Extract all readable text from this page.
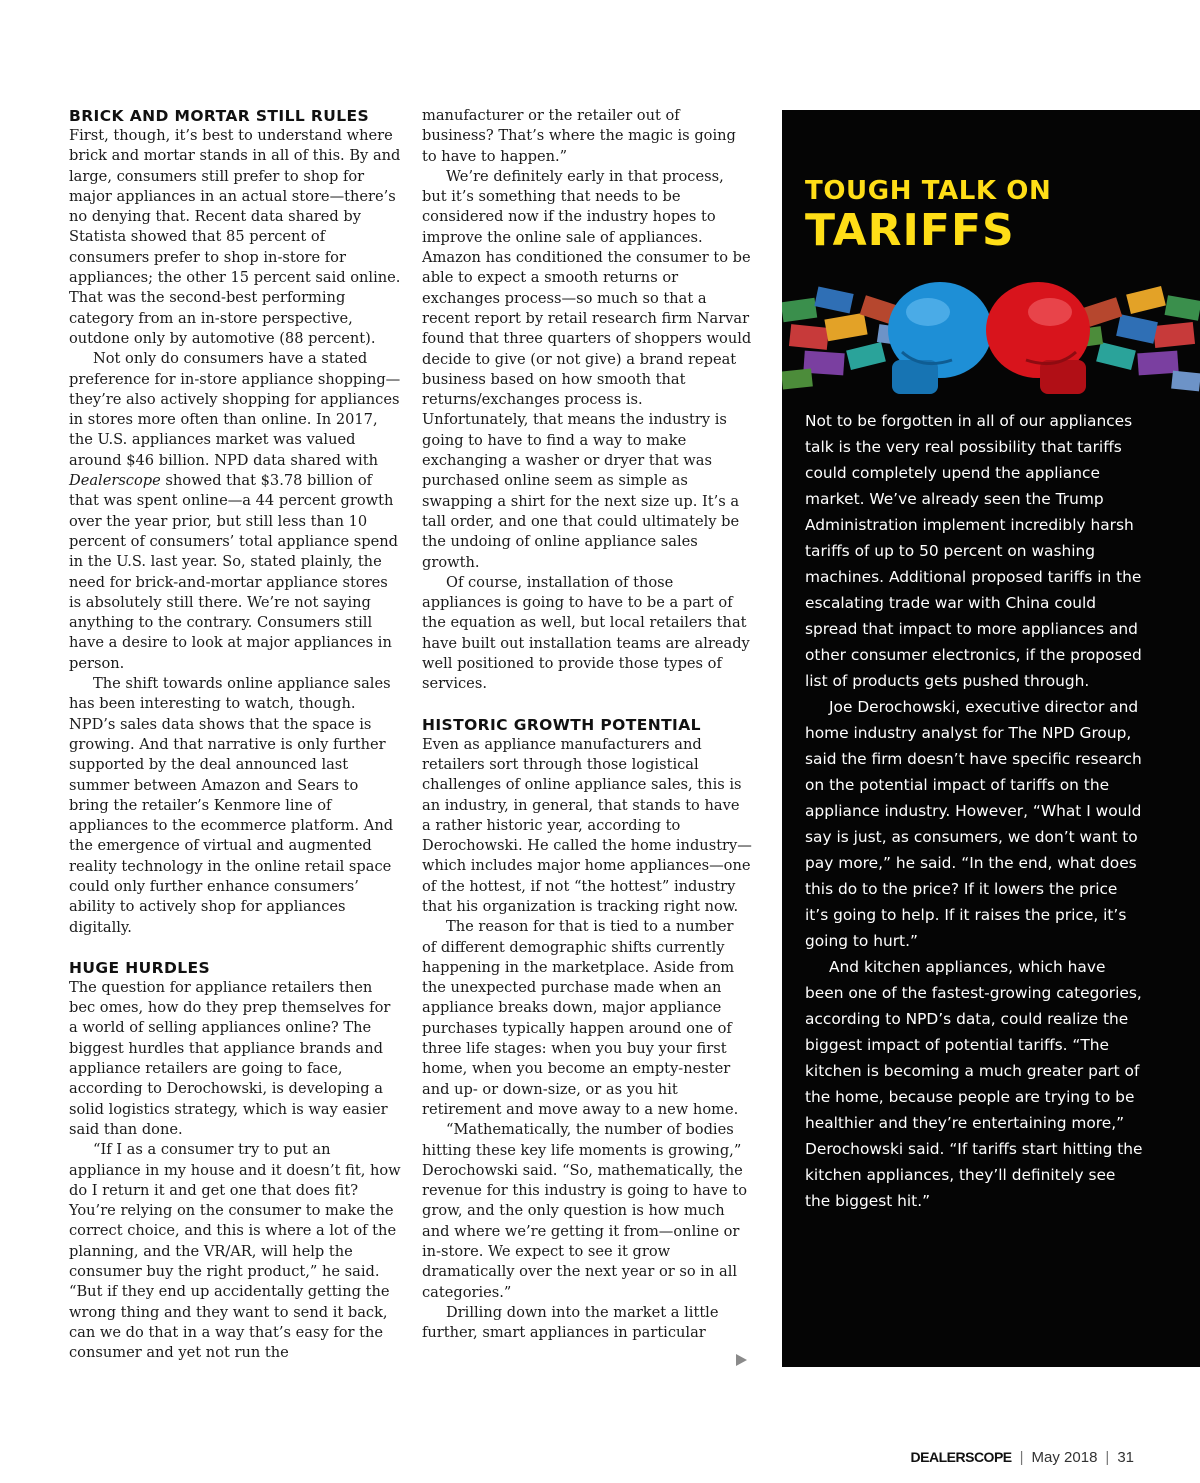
BRICK AND MORTAR STILL RULES

First, though, it’s best to understand where brick and mortar stands in all of this. By and large, consumers still prefer to shop for major appliances in an actual store—there’s no denying that. Recent data shared by Statista showed that 85 percent of consumers prefer to shop in-store for appliances; the other 15 percent said online. That was the second-best performing category from an in-store perspective, outdone only by automotive (88 percent).

Not only do consumers have a stated preference for in-store appliance shopping—they’re also actively shopping for appliances in stores more often than online. In 2017, the U.S. appliances market was valued around $46 billion. NPD data shared with Dealerscope showed that $3.78 billion of that was spent online—a 44 percent growth over the year prior, but still less than 10 percent of consumers’ total appliance spend in the U.S. last year. So, stated plainly, the need for brick-and-mortar appliance stores is absolutely still there. We’re not saying anything to the contrary. Consumers still have a desire to look at major appliances in person.

The shift towards online appliance sales has been interesting to watch, though. NPD’s sales data shows that the space is growing. And that narrative is only further supported by the deal announced last summer between Amazon and Sears to bring the retailer’s Kenmore line of appliances to the ecommerce platform. And the emergence of virtual and augmented reality technology in the online retail space could only further enhance consumers’ ability to actively shop for appliances digitally.

HUGE HURDLES

The question for appliance retailers then bec omes, how do they prep themselves for a world of selling appliances online? The biggest hurdles that appliance brands and appliance retailers are going to face, according to Derochowski, is developing a solid logistics strategy, which is way easier said than done.

“If I as a consumer try to put an appliance in my house and it doesn’t fit, how do I return it and get one that does fit? You’re relying on the consumer to make the correct choice, and this is where a lot of the planning, and the VR/AR, will help the consumer buy the right product,” he said. “But if they end up accidentally getting the wrong thing and they want to send it back, can we do that in a way that’s easy for the consumer and yet not run the

manufacturer or the retailer out of business? That’s where the magic is going to have to happen.”

We’re definitely early in that process, but it’s something that needs to be considered now if the industry hopes to improve the online sale of appliances. Amazon has conditioned the consumer to be able to expect a smooth returns or exchanges process—so much so that a recent report by retail research firm Narvar found that three quarters of shoppers would decide to give (or not give) a brand repeat business based on how smooth that returns/exchanges process is. Unfortunately, that means the industry is going to have to find a way to make exchanging a washer or dryer that was purchased online seem as simple as swapping a shirt for the next size up. It’s a tall order, and one that could ultimately be the undoing of online appliance sales growth.

Of course, installation of those appliances is going to have to be a part of the equation as well, but local retailers that have built out installation teams are already well positioned to provide those types of services.

HISTORIC GROWTH POTENTIAL

Even as appliance manufacturers and retailers sort through those logistical challenges of online appliance sales, this is an industry, in general, that stands to have a rather historic year, according to Derochowski. He called the home industry—which includes major home appliances—one of the hottest, if not “the hottest” industry that his organization is tracking right now.

The reason for that is tied to a number of different demographic shifts currently happening in the marketplace. Aside from the unexpected purchase made when an appliance breaks down, major appliance purchases typically happen around one of three life stages: when you buy your first home, when you become an empty-nester and up- or down-size, or as you hit retirement and move away to a new home.

“Mathematically, the number of bodies hitting these key life moments is growing,” Derochowski said. “So, mathematically, the revenue for this industry is going to have to grow, and the only question is how much and where we’re getting it from—online or in-store. We expect to see it grow dramatically over the next year or so in all categories.”

Drilling down into the market a little further, smart appliances in particular

TOUGH TALK ON
TARIFFS

Not to be forgotten in all of our appliances talk is the very real possibility that tariffs could completely upend the appliance market. We’ve already seen the Trump Administration implement incredibly harsh tariffs of up to 50 percent on washing machines. Additional proposed tariffs in the escalating trade war with China could spread that impact to more appliances and other consumer electronics, if the proposed list of products gets pushed through.

Joe Derochowski, executive director and home industry analyst for The NPD Group, said the firm doesn’t have specific research on the potential impact of tariffs on the appliance industry. However, “What I would say is just, as consumers, we don’t want to pay more,” he said. “In the end, what does this do to the price? If it lowers the price it’s going to help. If it raises the price, it’s going to hurt.”

And kitchen appliances, which have been one of the fastest-growing categories, according to NPD’s data, could realize the biggest impact of potential tariffs. “The kitchen is becoming a much greater part of the home, because people are trying to be healthier and they’re entertaining more,” Derochowski said. “If tariffs start hitting the kitchen appliances, they’ll definitely see the biggest hit.”

DEALERSCOPE | May 2018 | 31
